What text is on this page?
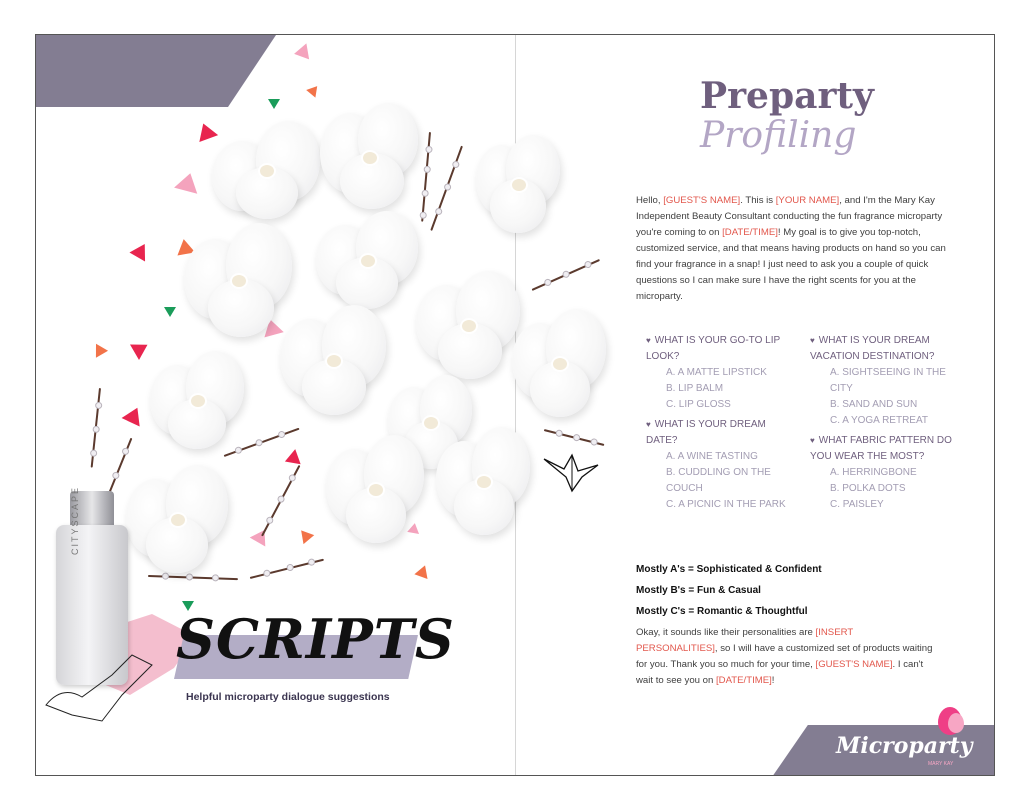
CITYSCAPE
SCRIPTS
Helpful microparty dialogue suggestions
Preparty
Profiling
Hello, [GUEST'S NAME]. This is [YOUR NAME], and I'm the Mary Kay Independent Beauty Consultant conducting the fun fragrance microparty you're coming to on [DATE/TIME]! My goal is to give you top-notch, customized service, and that means having products on hand so you can find your fragrance in a snap! I just need to ask you a couple of quick questions so I can make sure I have the right scents for you at the microparty.
♥ WHAT IS YOUR GO-TO LIP LOOK?
A. A MATTE LIPSTICK
B. LIP BALM
C. LIP GLOSS
♥ WHAT IS YOUR DREAM DATE?
A. A WINE TASTING
B. CUDDLING ON THE COUCH
C. A PICNIC IN THE PARK
♥ WHAT IS YOUR DREAM VACATION DESTINATION?
A. SIGHTSEEING IN THE CITY
B. SAND AND SUN
C. A YOGA RETREAT
♥ WHAT FABRIC PATTERN DO YOU WEAR THE MOST?
A. HERRINGBONE
B. POLKA DOTS
C. PAISLEY
Mostly A's = Sophisticated & Confident
Mostly B's = Fun & Casual
Mostly C's = Romantic & Thoughtful
Okay, it sounds like their personalities are [INSERT PERSONALITIES], so I will have a customized set of products waiting for you. Thank you so much for your time, [GUEST'S NAME]. I can't wait to see you on [DATE/TIME]!
Microparty
MARY KAY
